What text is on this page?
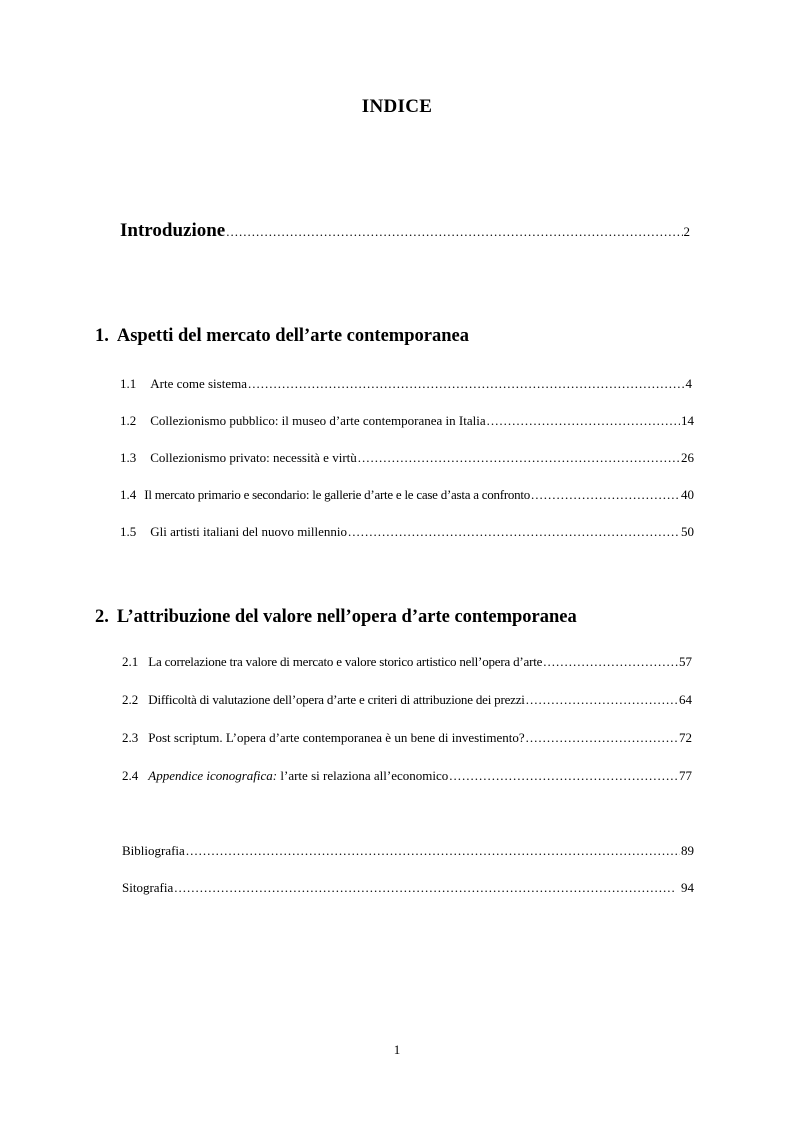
INDICE
Introduzione .....	2
1. Aspetti del mercato dell’arte contemporanea
1.1 Arte come sistema .....	4
1.2 Collezionismo pubblico: il museo d’arte contemporanea in Italia .....	14
1.3 Collezionismo privato: necessità e virtù .....	26
1.4 Il mercato primario e secondario: le gallerie d’arte e le case d’asta a confronto .....	40
1.5 Gli artisti italiani del nuovo millennio .....	50
2. L’attribuzione del valore nell’opera d’arte contemporanea
2.1 La correlazione tra valore di mercato e valore storico artistico nell’opera d’arte .....	57
2.2 Difficoltà di valutazione dell’opera d’arte e criteri di attribuzione dei prezzi .....	64
2.3 Post scriptum. L’opera d’arte contemporanea è un bene di investimento? .....	72
2.4 Appendice iconografica: l’arte si relaziona all’economico .....	77
Bibliografia .....	89
Sitografia .....	94
1
